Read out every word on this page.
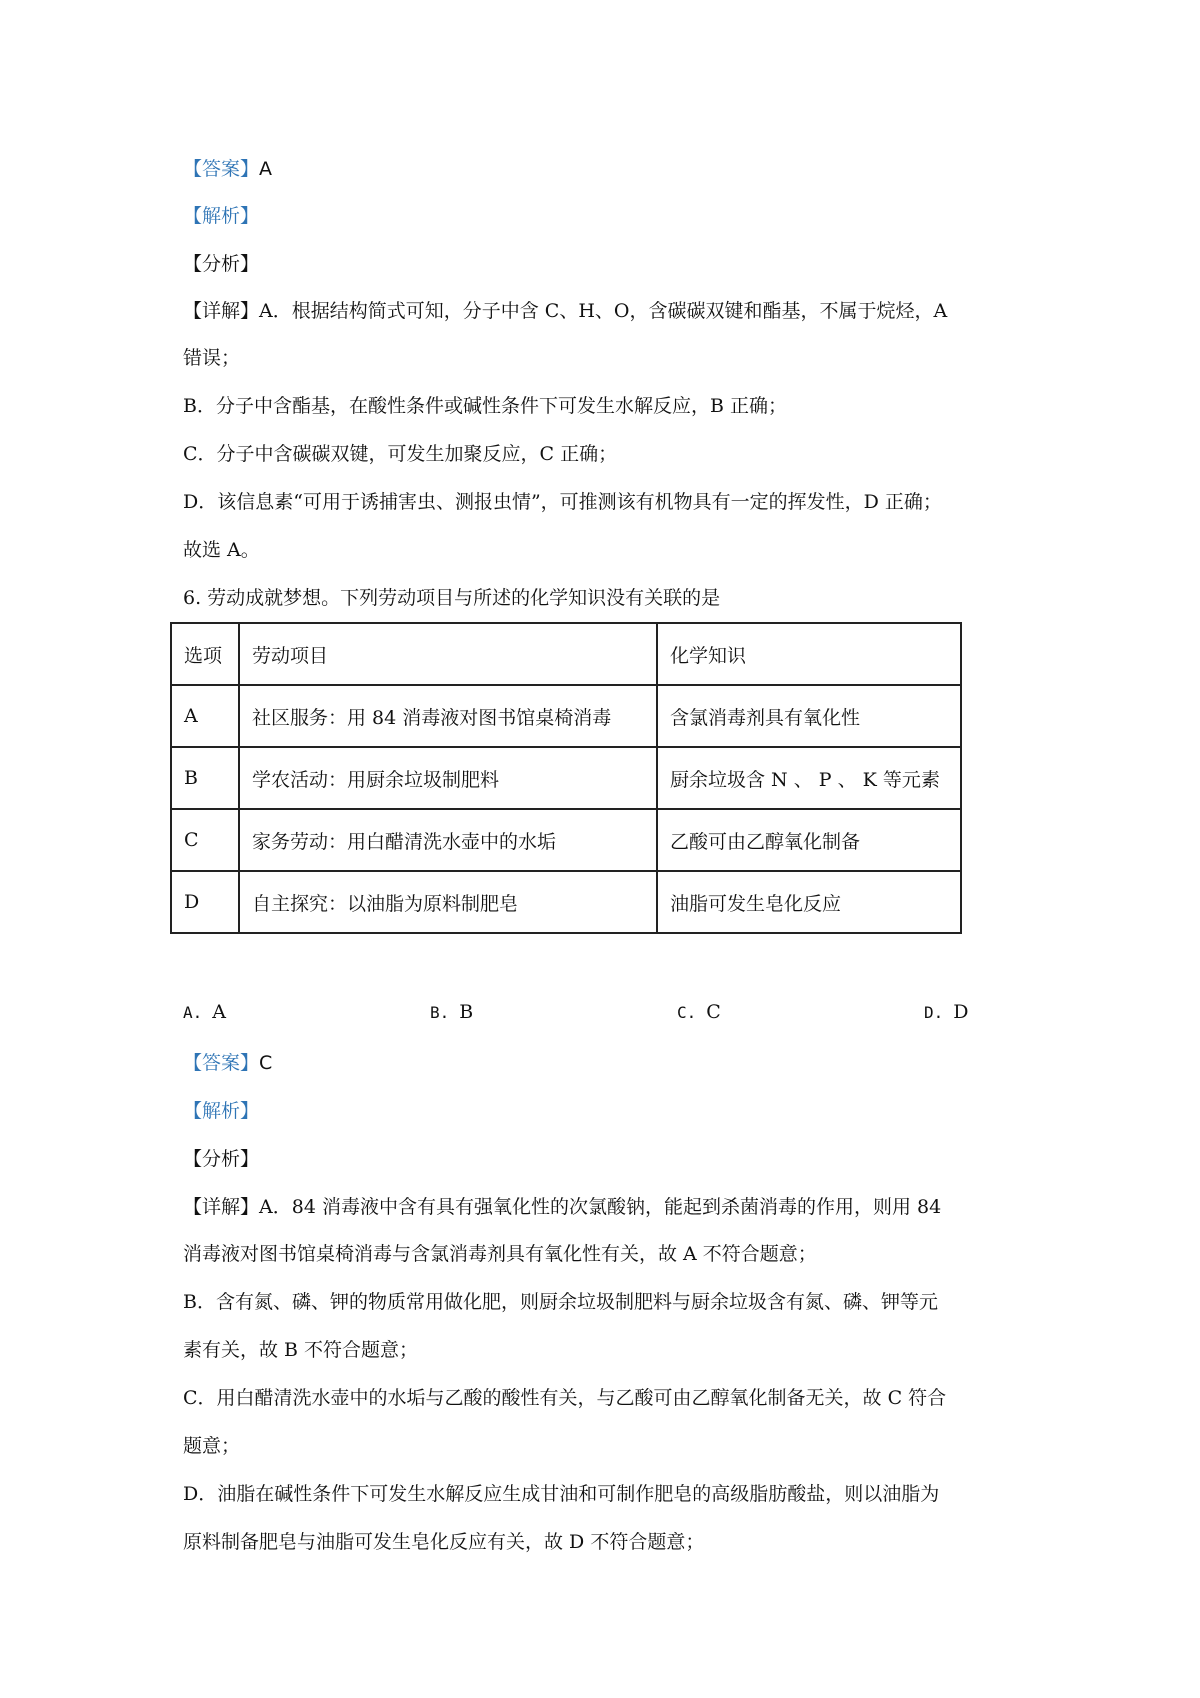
【答案】A
【解析】
【分析】
【详解】A．根据结构简式可知，分子中含 C、H、O，含碳碳双键和酯基，不属于烷烃，A
错误；
B．分子中含酯基，在酸性条件或碱性条件下可发生水解反应，B 正确；
C．分子中含碳碳双键，可发生加聚反应，C 正确；
D．该信息素“可用于诱捕害虫、测报虫情”，可推测该有机物具有一定的挥发性，D 正确；
故选 A。
6. 劳动成就梦想。下列劳动项目与所述的化学知识没有关联的是
选项	劳动项目	化学知识
A	社区服务：用 84 消毒液对图书馆桌椅消毒	含氯消毒剂具有氧化性
B	学农活动：用厨余垃圾制肥料	厨余垃圾含 N 、 P 、 K 等元素
C	家务劳动：用白醋清洗水壶中的水垢	乙酸可由乙醇氧化制备
D	自主探究：以油脂为原料制肥皂	油脂可发生皂化反应
A. A	B. B	C. C	D. D
【答案】C
【解析】
【分析】
【详解】A．84 消毒液中含有具有强氧化性的次氯酸钠，能起到杀菌消毒的作用，则用 84
消毒液对图书馆桌椅消毒与含氯消毒剂具有氧化性有关，故 A 不符合题意；
B．含有氮、磷、钾的物质常用做化肥，则厨余垃圾制肥料与厨余垃圾含有氮、磷、钾等元
素有关，故 B 不符合题意；
C．用白醋清洗水壶中的水垢与乙酸的酸性有关，与乙酸可由乙醇氧化制备无关，故 C 符合
题意；
D．油脂在碱性条件下可发生水解反应生成甘油和可制作肥皂的高级脂肪酸盐，则以油脂为
原料制备肥皂与油脂可发生皂化反应有关，故 D 不符合题意；
